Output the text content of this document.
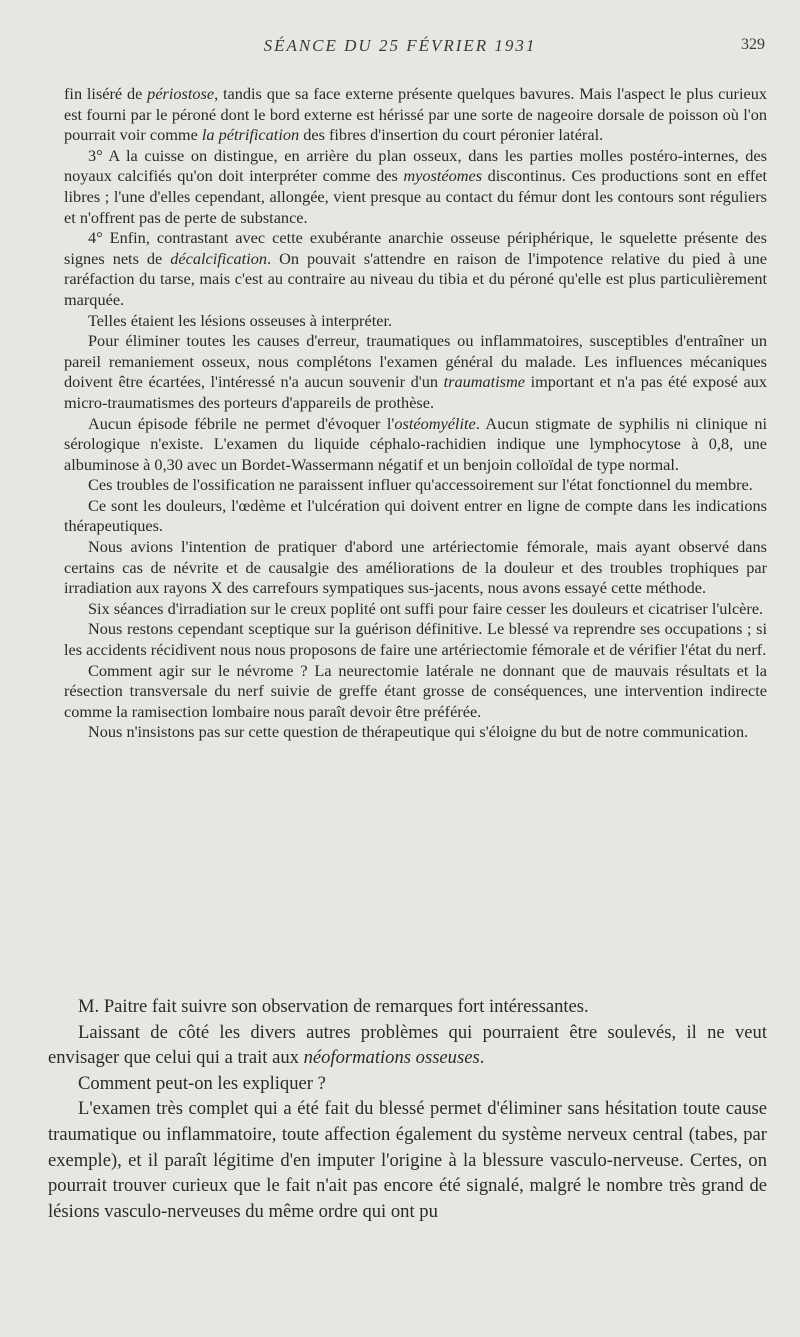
SÉANCE DU 25 FÉVRIER 1931	329

fin liséré de périostose, tandis que sa face externe présente quelques bavures. Mais l'aspect le plus curieux est fourni par le péroné dont le bord externe est hérissé par une sorte de nageoire dorsale de poisson où l'on pourrait voir comme la pétrification des fibres d'insertion du court péronier latéral.

3° A la cuisse on distingue, en arrière du plan osseux, dans les parties molles postéro-internes, des noyaux calcifiés qu'on doit interpréter comme des myostéomes discontinus. Ces productions sont en effet libres ; l'une d'elles cependant, allongée, vient presque au contact du fémur dont les contours sont réguliers et n'offrent pas de perte de substance.

4° Enfin, contrastant avec cette exubérante anarchie osseuse périphérique, le squelette présente des signes nets de décalcification. On pouvait s'attendre en raison de l'impotence relative du pied à une raréfaction du tarse, mais c'est au contraire au niveau du tibia et du péroné qu'elle est plus particulièrement marquée.

Telles étaient les lésions osseuses à interpréter.

Pour éliminer toutes les causes d'erreur, traumatiques ou inflammatoires, susceptibles d'entraîner un pareil remaniement osseux, nous complétons l'examen général du malade. Les influences mécaniques doivent être écartées, l'intéressé n'a aucun souvenir d'un traumatisme important et n'a pas été exposé aux micro-traumatismes des porteurs d'appareils de prothèse.

Aucun épisode fébrile ne permet d'évoquer l'ostéomyélite. Aucun stigmate de syphilis ni clinique ni sérologique n'existe. L'examen du liquide céphalo-rachidien indique une lymphocytose à 0,8, une albuminose à 0,30 avec un Bordet-Wassermann négatif et un benjoin colloïdal de type normal.

Ces troubles de l'ossification ne paraissent influer qu'accessoirement sur l'état fonctionnel du membre.

Ce sont les douleurs, l'œdème et l'ulcération qui doivent entrer en ligne de compte dans les indications thérapeutiques.

Nous avions l'intention de pratiquer d'abord une artériectomie fémorale, mais ayant observé dans certains cas de névrite et de causalgie des améliorations de la douleur et des troubles trophiques par irradiation aux rayons X des carrefours sympatiques sus-jacents, nous avons essayé cette méthode.

Six séances d'irradiation sur le creux poplité ont suffi pour faire cesser les douleurs et cicatriser l'ulcère.

Nous restons cependant sceptique sur la guérison définitive. Le blessé va reprendre ses occupations ; si les accidents récidivent nous nous proposons de faire une artériectomie fémorale et de vérifier l'état du nerf.

Comment agir sur le névrome ? La neurectomie latérale ne donnant que de mauvais résultats et la résection transversale du nerf suivie de greffe étant grosse de conséquences, une intervention indirecte comme la ramisection lombaire nous paraît devoir être préférée.

Nous n'insistons pas sur cette question de thérapeutique qui s'éloigne du but de notre communication.

M. Paitre fait suivre son observation de remarques fort intéressantes.

Laissant de côté les divers autres problèmes qui pourraient être soulevés, il ne veut envisager que celui qui a trait aux néoformations osseuses.

Comment peut-on les expliquer ?

L'examen très complet qui a été fait du blessé permet d'éliminer sans hésitation toute cause traumatique ou inflammatoire, toute affection également du système nerveux central (tabes, par exemple), et il paraît légitime d'en imputer l'origine à la blessure vasculo-nerveuse. Certes, on pourrait trouver curieux que le fait n'ait pas encore été signalé, malgré le nombre très grand de lésions vasculo-nerveuses du même ordre qui ont pu
